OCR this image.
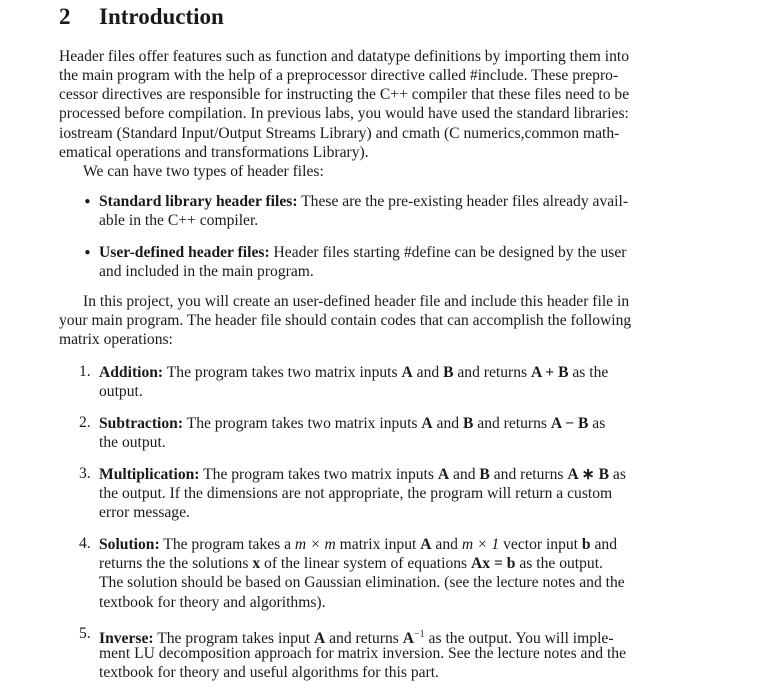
2 Introduction
Header files offer features such as function and datatype definitions by importing them into
the main program with the help of a preprocessor directive called #include. These prepro-
cessor directives are responsible for instructing the C++ compiler that these files need to be
processed before compilation. In previous labs, you would have used the standard libraries:
iostream (Standard Input/Output Streams Library) and cmath (C numerics,common math-
ematical operations and transformations Library).
We can have two types of header files:
• Standard library header files: These are the pre-existing header files already avail-
able in the C++ compiler.
• User-defined header files: Header files starting #define can be designed by the user
and included in the main program.
In this project, you will create an user-defined header file and include this header file in
your main program. The header file should contain codes that can accomplish the following
matrix operations:
1. Addition: The program takes two matrix inputs A and B and returns A + B as the
output.
2. Subtraction: The program takes two matrix inputs A and B and returns A − B as
the output.
3. Multiplication: The program takes two matrix inputs A and B and returns A ∗ B as
the output. If the dimensions are not appropriate, the program will return a custom
error message.
4. Solution: The program takes a m × m matrix input A and m × 1 vector input b and
returns the the solutions x of the linear system of equations Ax = b as the output.
The solution should be based on Gaussian elimination. (see the lecture notes and the
textbook for theory and algorithms).
5. Inverse: The program takes input A and returns $A^{-1}$ as the output. You will imple-
ment LU decomposition approach for matrix inversion. See the lecture notes and the
textbook for theory and useful algorithms for this part.
